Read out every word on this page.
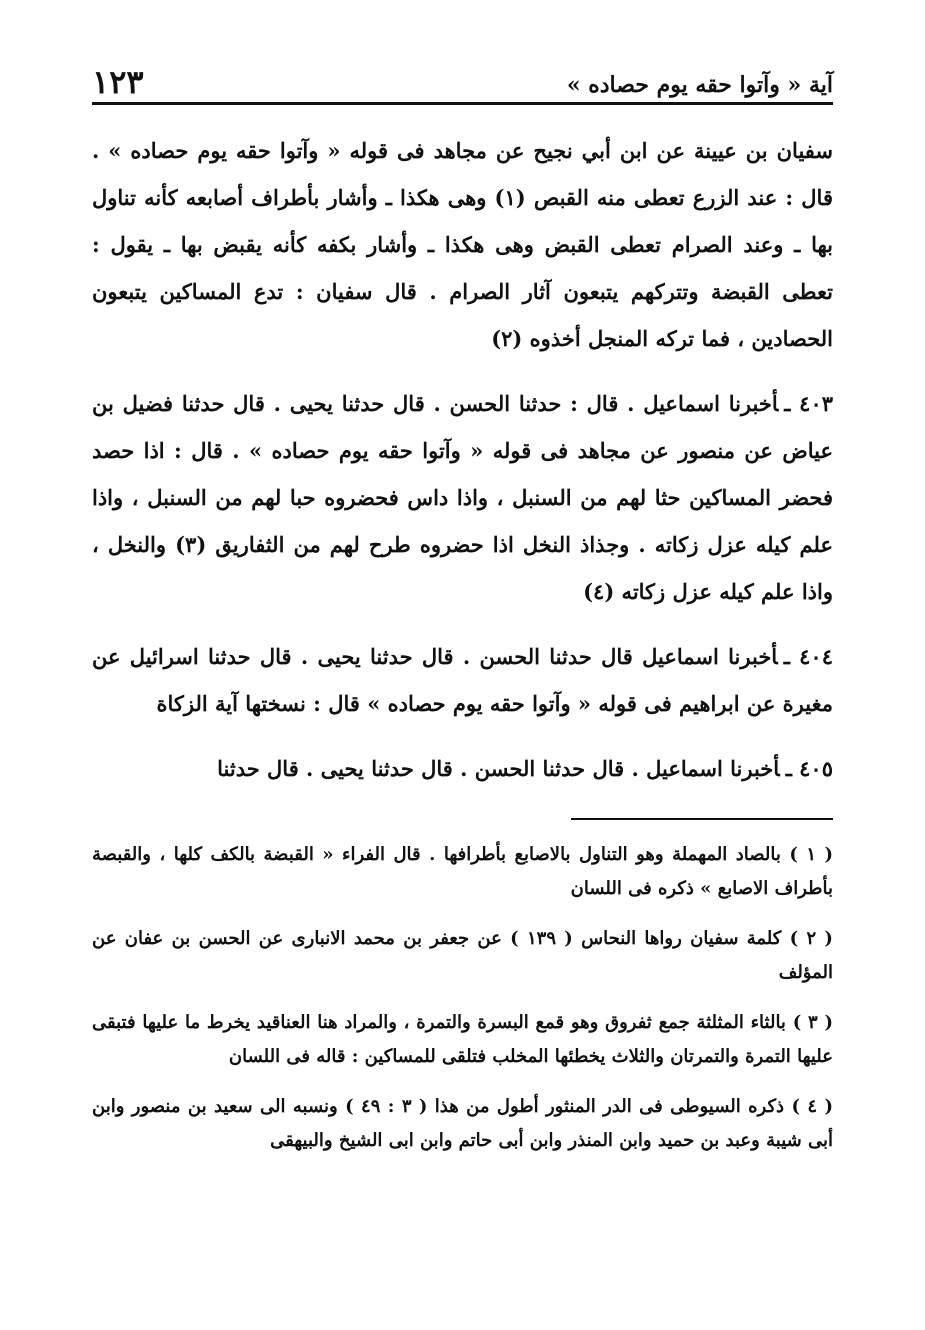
آية « وآتوا حقه يوم حصاده »
١٢٣

سفيان بن عيينة عن ابن أبي نجيح عن مجاهد فى قوله « وآتوا حقه يوم حصاده » . قال : عند الزرع تعطى منه القبص (١) وهى هكذا ـ وأشار بأطراف أصابعه كأنه تناول بها ـ وعند الصرام تعطى القبض وهى هكذا ـ وأشار بكفه كأنه يقبض بها ـ يقول : تعطى القبضة وتتركهم يتبعون آثار الصرام . قال سفيان : تدع المساكين يتبعون الحصادين ، فما تركه المنجل أخذوه (٢)

٤٠٣ ـأخبرنا اسماعيل . قال : حدثنا الحسن . قال حدثنا يحيى . قال حدثنا فضيل بن عياض عن منصور عن مجاهد فى قوله « وآتوا حقه يوم حصاده » . قال : اذا حصد فحضر المساكين حثا لهم من السنبل ، واذا داس فحضروه حبا لهم من السنبل ، واذا علم كيله عزل زكاته . وجذاذ النخل اذا حضروه طرح لهم من الثفاريق (٣) والنخل ، واذا علم كيله عزل زكاته (٤)

٤٠٤ ـأخبرنا اسماعيل قال حدثنا الحسن . قال حدثنا يحيى . قال حدثنا اسرائيل عن مغيرة عن ابراهيم فى قوله « وآتوا حقه يوم حصاده » قال : نسختها آية الزكاة

٤٠٥ ـأخبرنا اسماعيل . قال حدثنا الحسن . قال حدثنا يحيى . قال حدثنا

( ١ ) بالصاد المهملة وهو التناول بالاصابع بأطرافها . قال الفراء « القبضة بالكف كلها ، والقبصة بأطراف الاصابع » ذكره فى اللسان

( ٢ ) كلمة سفيان رواها النحاس ( ١٣٩ ) عن جعفر بن محمد الانبارى عن الحسن بن عفان عن المؤلف

( ٣ ) بالثاء المثلثة جمع ثفروق وهو قمع البسرة والتمرة ، والمراد هنا العناقيد يخرط ما عليها فتبقى عليها التمرة والتمرتان والثلاث يخطئها المخلب فتلقى للمساكين : قاله فى اللسان

( ٤ ) ذكره السيوطى فى الدر المنثور أطول من هذا ( ٣ : ٤٩ ) ونسبه الى سعيد بن منصور وابن أبى شيبة وعبد بن حميد وابن المنذر وابن أبى حاتم وابن ابى الشيخ والبيهقى
